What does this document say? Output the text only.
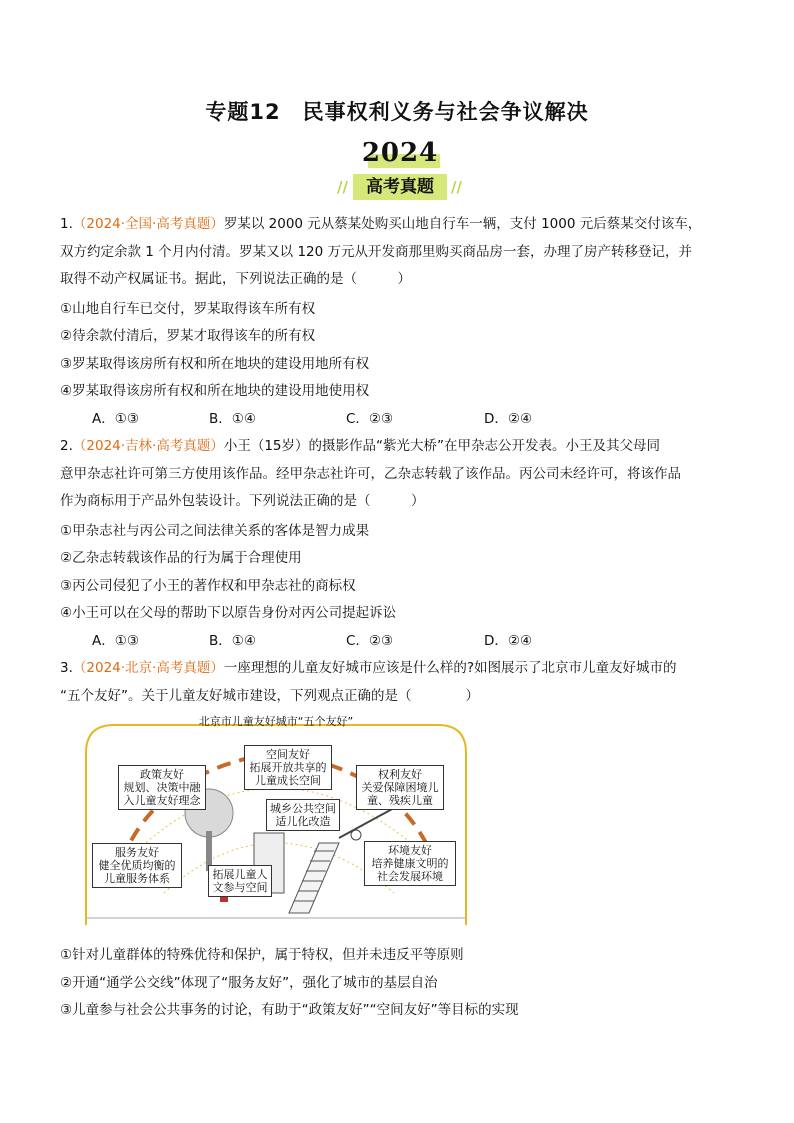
专题12　民事权利义务与社会争议解决
2024
//	高考真题	//
1.（2024·全国·高考真题）罗某以 2000 元从蔡某处购买山地自行车一辆，支付 1000 元后蔡某交付该车，
双方约定余款 1 个月内付清。罗某又以 120 万元从开发商那里购买商品房一套，办理了房产转移登记，并
取得不动产权属证书。据此，下列说法正确的是（　　　）
①山地自行车已交付，罗某取得该车所有权
②待余款付清后，罗某才取得该车的所有权
③罗某取得该房所有权和所在地块的建设用地所有权
④罗某取得该房所有权和所在地块的建设用地使用权
A．①③	B．①④	C．②③	D．②④
2.（2024·吉林·高考真题）小王（15岁）的摄影作品“紫光大桥”在甲杂志公开发表。小王及其父母同
意甲杂志社许可第三方使用该作品。经甲杂志社许可，乙杂志转载了该作品。丙公司未经许可，将该作品
作为商标用于产品外包装设计。下列说法正确的是（　　　）
①甲杂志社与丙公司之间法律关系的客体是智力成果
②乙杂志转载该作品的行为属于合理使用
③丙公司侵犯了小王的著作权和甲杂志社的商标权
④小王可以在父母的帮助下以原告身份对丙公司提起诉讼
A．①③	B．①④	C．②③	D．②④
3.（2024·北京·高考真题）一座理想的儿童友好城市应该是什么样的?如图展示了北京市儿童友好城市的
“五个友好”。关于儿童友好城市建设，下列观点正确的是（　　　　）
北京市儿童友好城市“五个友好”
政策友好
规划、决策中融
入儿童友好理念
空间友好
拓展开放共享的
儿童成长空间	权利友好
关爱保障困境儿
童、残疾儿童
城乡公共空间
适儿化改造
服务友好
健全优质均衡的
儿童服务体系	拓展儿童人
文参与空间
环境友好
培养健康文明的
社会发展环境
①针对儿童群体的特殊优待和保护，属于特权，但并未违反平等原则
②开通“通学公交线”体现了“服务友好”，强化了城市的基层自治
③儿童参与社会公共事务的讨论，有助于“政策友好”“空间友好”等目标的实现
